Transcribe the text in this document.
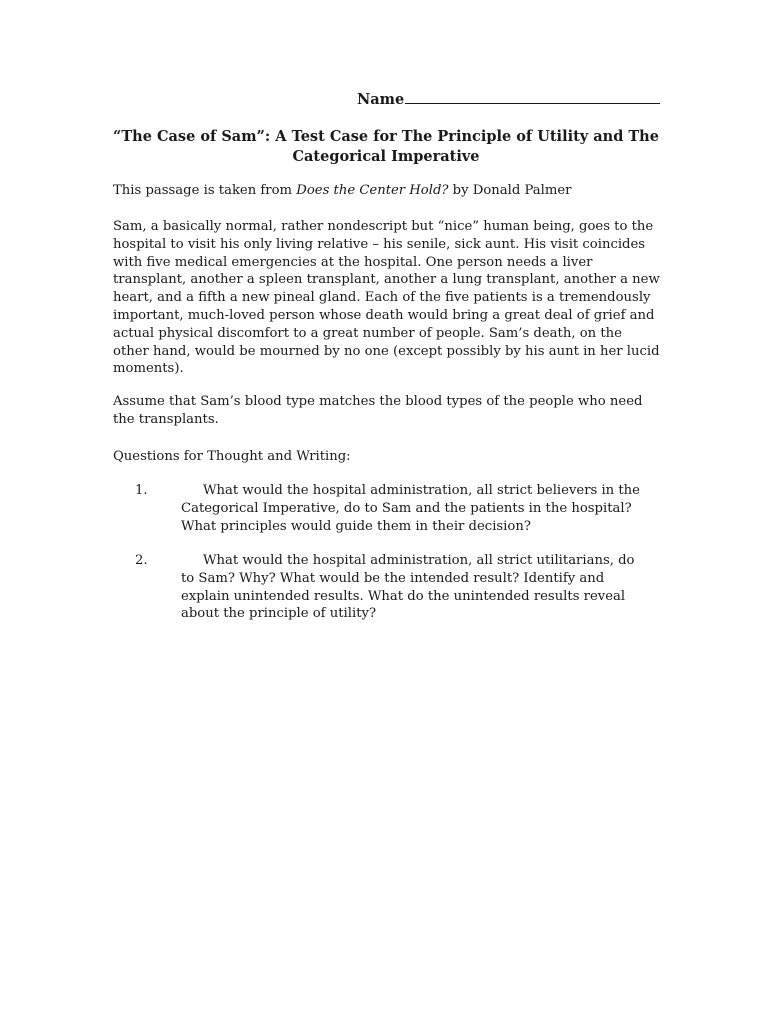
Name
“The Case of Sam”: A Test Case for The Principle of Utility and The Categorical Imperative

This passage is taken from Does the Center Hold? by Donald Palmer

Sam, a basically normal, rather nondescript but “nice” human being, goes to the hospital to visit his only living relative – his senile, sick aunt. His visit coincides with five medical emergencies at the hospital. One person needs a liver transplant, another a spleen transplant, another a lung transplant, another a new heart, and a fifth a new pineal gland. Each of the five patients is a tremendously important, much-loved person whose death would bring a great deal of grief and actual physical discomfort to a great number of people. Sam’s death, on the other hand, would be mourned by no one (except possibly by his aunt in her lucid moments).

Assume that Sam’s blood type matches the blood types of the people who need the transplants.

Questions for Thought and Writing:

1.	What would the hospital administration, all strict believers in the Categorical Imperative, do to Sam and the patients in the hospital? What principles would guide them in their decision?
2.	What would the hospital administration, all strict utilitarians, do to Sam? Why? What would be the intended result? Identify and explain unintended results. What do the unintended results reveal about the principle of utility?
